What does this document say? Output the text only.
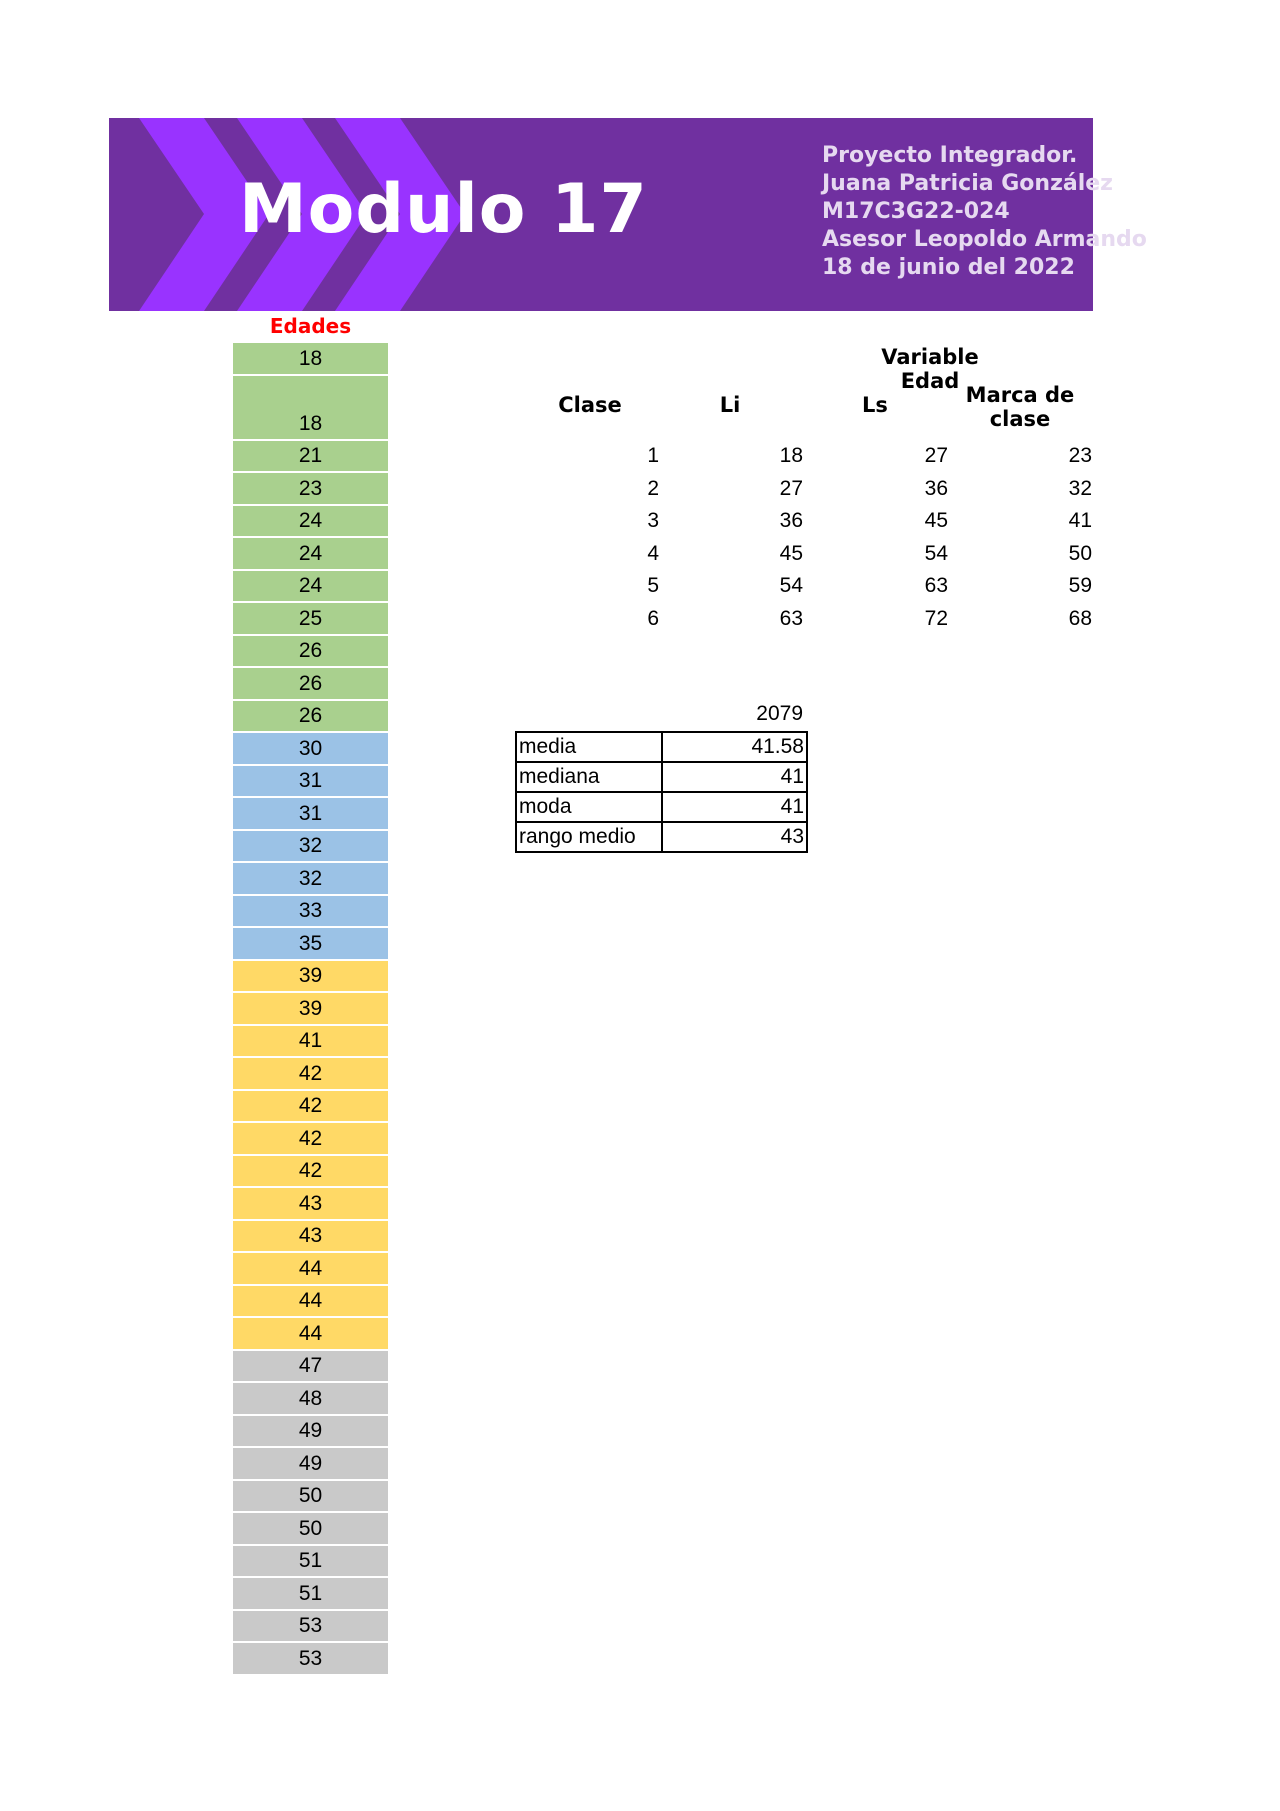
Modulo 17
Proyecto Integrador.
Juana Patricia González
M17C3G22-024
Asesor Leopoldo Armando
18 de junio del 2022
Edades
18
18
21
23
24
24
24
25
26
26
26
30
31
31
32
32
33
35
39
39
41
42
42
42
42
43
43
44
44
44
47
48
49
49
50
50
51
51
53
53
Variable Edad
Clase	Li	Ls	Marca de clase
1	18	27	23
2	27	36	32
3	36	45	41
4	45	54	50
5	54	63	59
6	63	72	68
2079
media	41.58
mediana	41
moda	41
rango medio	43
